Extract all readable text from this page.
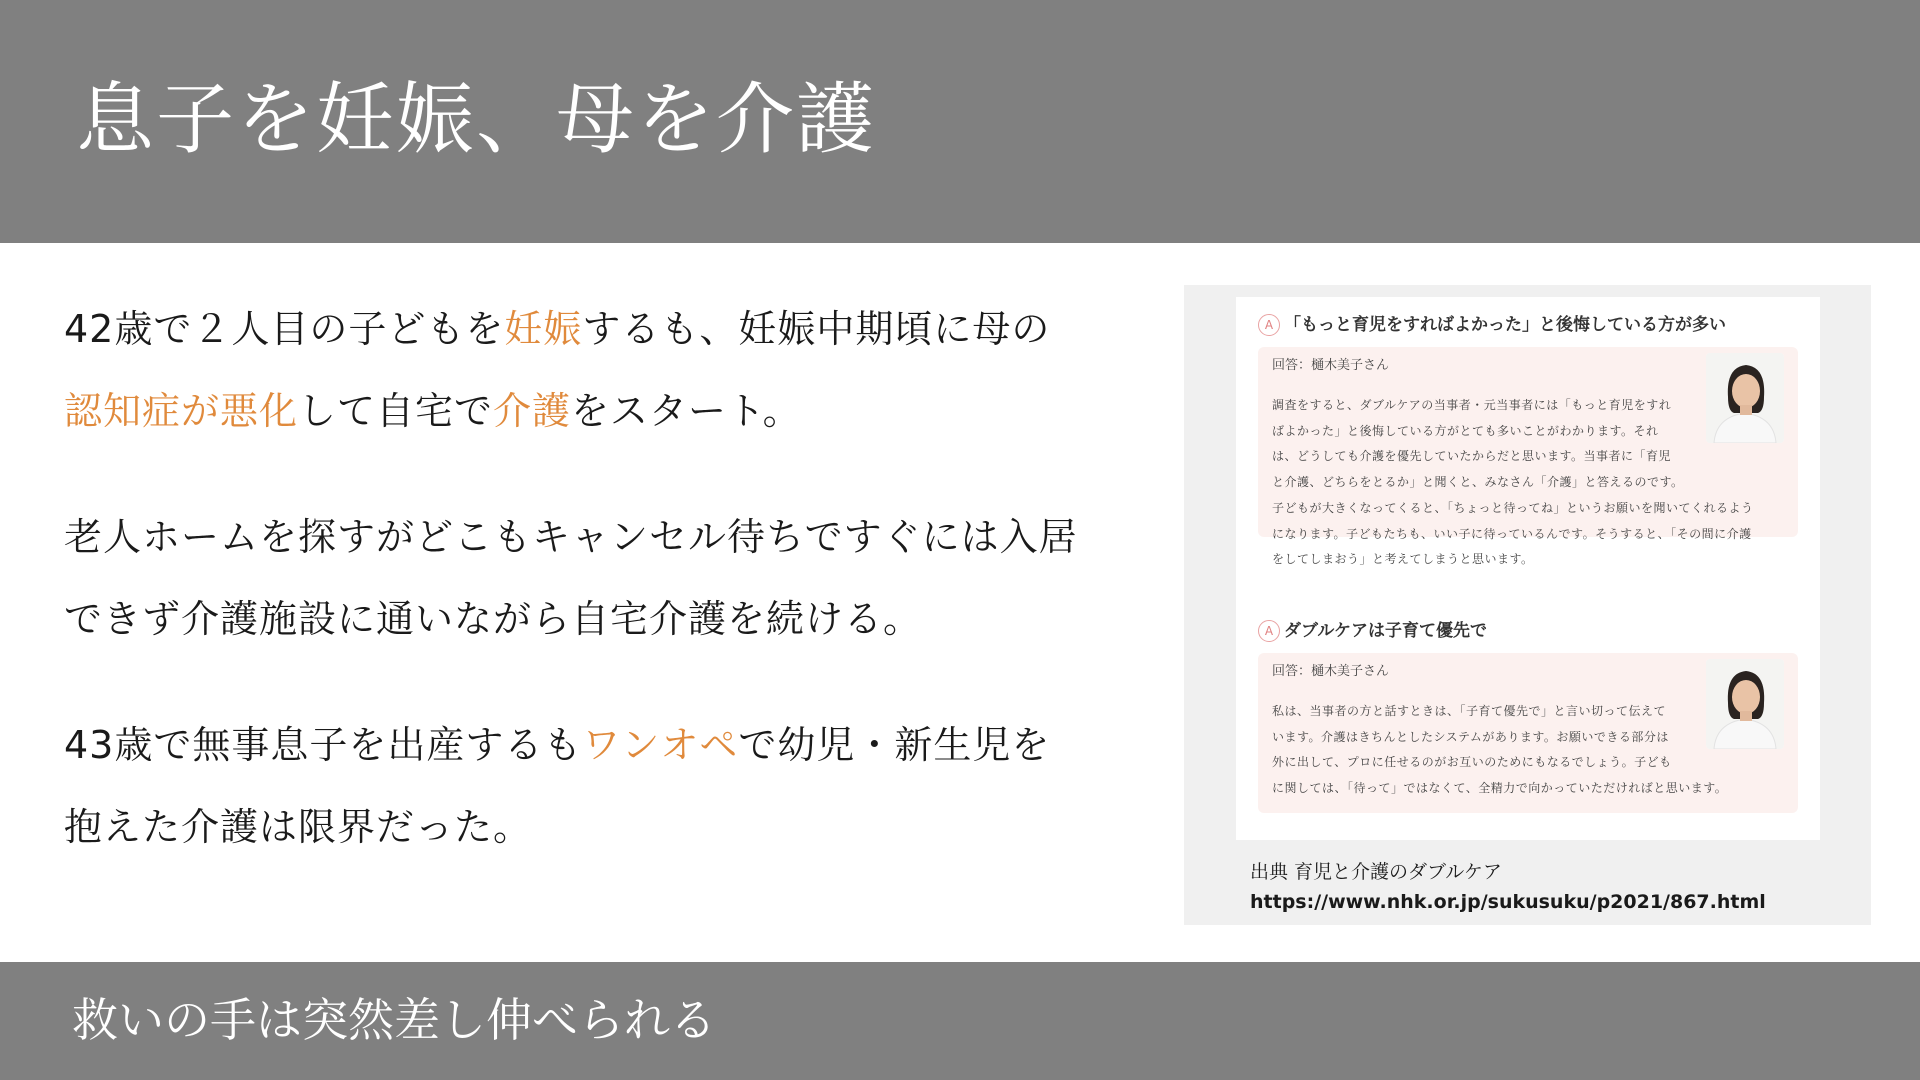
息子を妊娠、母を介護
42歳で２人目の子どもを妊娠するも、妊娠中期頃に母の
認知症が悪化して自宅で介護をスタート。
老人ホームを探すがどこもキャンセル待ちですぐには入居
できず介護施設に通いながら自宅介護を続ける。
43歳で無事息子を出産するもワンオペで幼児・新生児を
抱えた介護は限界だった。
A 「もっと育児をすればよかった」と後悔している方が多い
回答：樋木美子さん
調査をすると、ダブルケアの当事者・元当事者には「もっと育児をすれ
ばよかった」と後悔している方がとても多いことがわかります。それ
は、どうしても介護を優先していたからだと思います。当事者に「育児
と介護、どちらをとるか」と聞くと、みなさん「介護」と答えるのです。
子どもが大きくなってくると、「ちょっと待ってね」というお願いを聞いてくれるよう
になります。子どもたちも、いい子に待っているんです。そうすると、「その間に介護
をしてしまおう」と考えてしまうと思います。
A ダブルケアは子育て優先で
回答：樋木美子さん
私は、当事者の方と話すときは、「子育て優先で」と言い切って伝えて
います。介護はきちんとしたシステムがあります。お願いできる部分は
外に出して、プロに任せるのがお互いのためにもなるでしょう。子ども
に関しては、「待って」ではなくて、全精力で向かっていただければと思います。
出典 育児と介護のダブルケア
https://www.nhk.or.jp/sukusuku/p2021/867.html
救いの手は突然差し伸べられる
